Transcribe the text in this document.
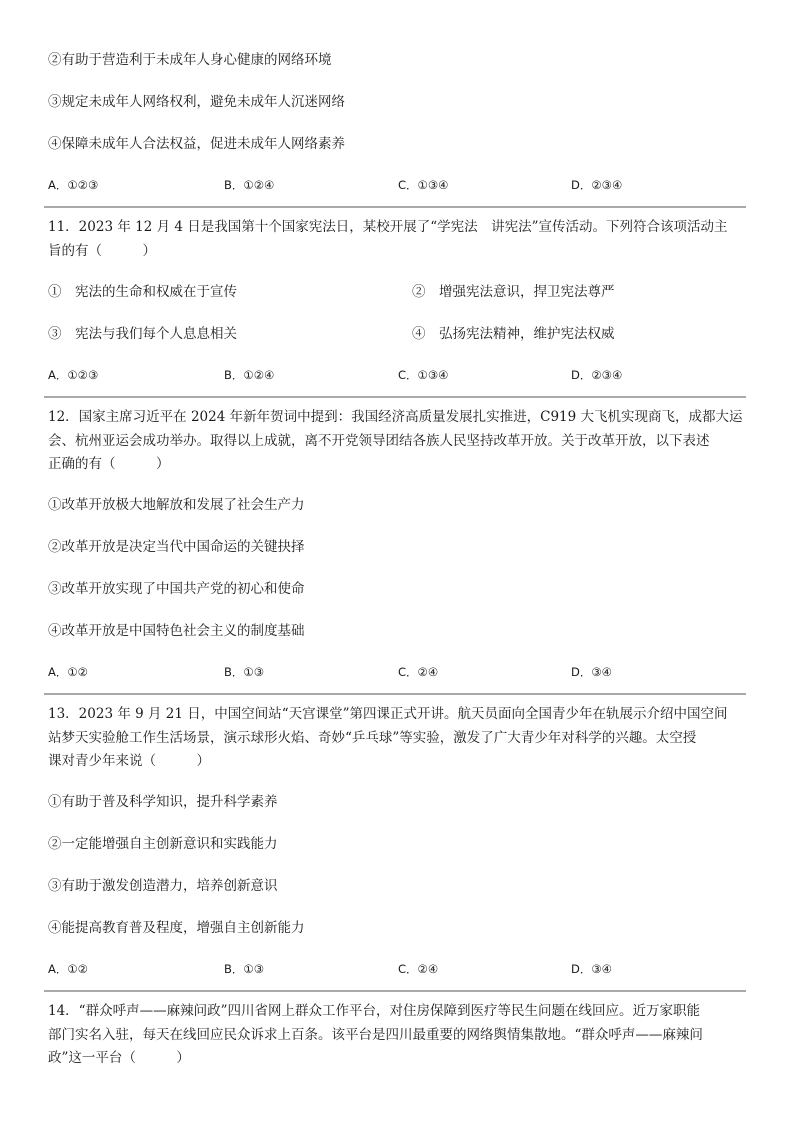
②有助于营造利于未成年人身心健康的网络环境
③规定未成年人网络权利，避免未成年人沉迷网络
④保障未成年人合法权益，促进未成年人网络素养
A．①②③	B．①②④	C．①③④	D．②③④
11．2023 年 12 月 4 日是我国第十个国家宪法日，某校开展了“学宪法　讲宪法”宣传活动。下列符合该项活动主
旨的有（　　　）
①　宪法的生命和权威在于宣传	②　增强宪法意识，捍卫宪法尊严
③　宪法与我们每个人息息相关	④　弘扬宪法精神，维护宪法权威
A．①②③	B．①②④	C．①③④	D．②③④
12．国家主席习近平在 2024 年新年贺词中提到：我国经济高质量发展扎实推进，C919 大飞机实现商飞，成都大运
会、杭州亚运会成功举办。取得以上成就，离不开党领导团结各族人民坚持改革开放。关于改革开放，以下表述
正确的有（　　　）
①改革开放极大地解放和发展了社会生产力
②改革开放是决定当代中国命运的关键抉择
③改革开放实现了中国共产党的初心和使命
④改革开放是中国特色社会主义的制度基础
A．①②	B．①③	C．②④	D．③④
13．2023 年 9 月 21 日，中国空间站“天宫课堂”第四课正式开讲。航天员面向全国青少年在轨展示介绍中国空间
站梦天实验舱工作生活场景，演示球形火焰、奇妙“乒乓球”等实验，激发了广大青少年对科学的兴趣。太空授
课对青少年来说（　　　）
①有助于普及科学知识，提升科学素养
②一定能增强自主创新意识和实践能力
③有助于激发创造潜力，培养创新意识
④能提高教育普及程度，增强自主创新能力
A．①②	B．①③	C．②④	D．③④
14．“群众呼声——麻辣问政”四川省网上群众工作平台，对住房保障到医疗等民生问题在线回应。近万家职能
部门实名入驻，每天在线回应民众诉求上百条。该平台是四川最重要的网络舆情集散地。“群众呼声——麻辣问
政”这一平台（　　　）
